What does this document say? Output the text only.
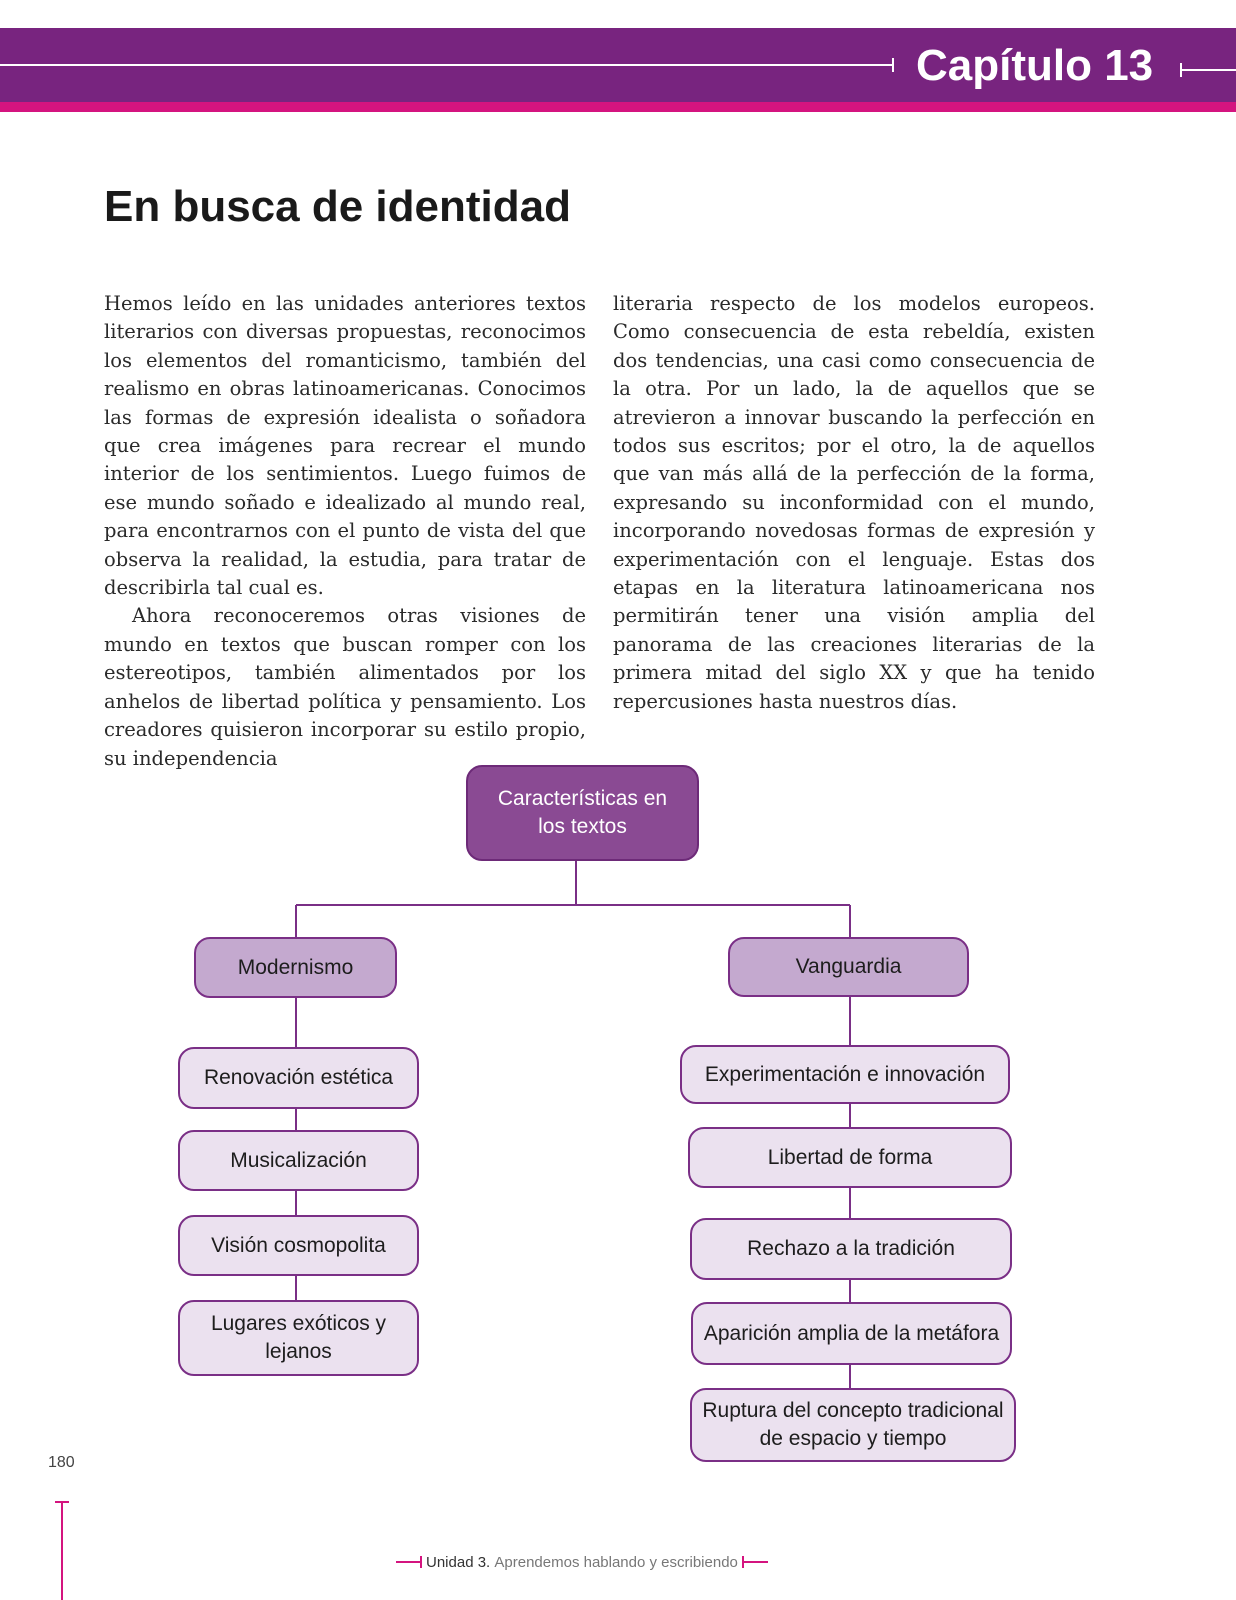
Capítulo 13
En busca de identidad

Hemos leído en las unidades anteriores textos literarios con diversas propuestas, reconocimos los elementos del romanticismo, también del realismo en obras latinoamericanas. Conocimos las formas de expresión idealista o soñadora que crea imágenes para recrear el mundo interior de los sentimientos. Luego fuimos de ese mundo soñado e idealizado al mundo real, para encontrarnos con el punto de vista del que observa la realidad, la estudia, para tratar de describirla tal cual es.

Ahora reconoceremos otras visiones de mundo en textos que buscan romper con los estereotipos, también alimentados por los anhelos de libertad política y pensamiento. Los creadores quisieron incorporar su estilo propio, su independencia

literaria respecto de los modelos europeos. Como consecuencia de esta rebeldía, existen dos tendencias, una casi como consecuencia de la otra. Por un lado, la de aquellos que se atrevieron a innovar buscando la perfección en todos sus escritos; por el otro, la de aquellos que van más allá de la perfección de la forma, expresando su inconformidad con el mundo, incorporando novedosas formas de expresión y experimentación con el lenguaje. Estas dos etapas en la literatura latinoamericana nos permitirán tener una visión amplia del panorama de las creaciones literarias de la primera mitad del siglo XX y que ha tenido repercusiones hasta nuestros días.

Características en
los textos
Modernismo	Vanguardia
Renovación estética
Musicalización
Visión cosmopolita
Lugares exóticos y
lejanos
Experimentación e innovación
Libertad de forma
Rechazo a la tradición
Aparición amplia de la metáfora
Ruptura del concepto tradicional
de espacio y tiempo
180
Unidad 3.
Aprendemos hablando y escribiendo
